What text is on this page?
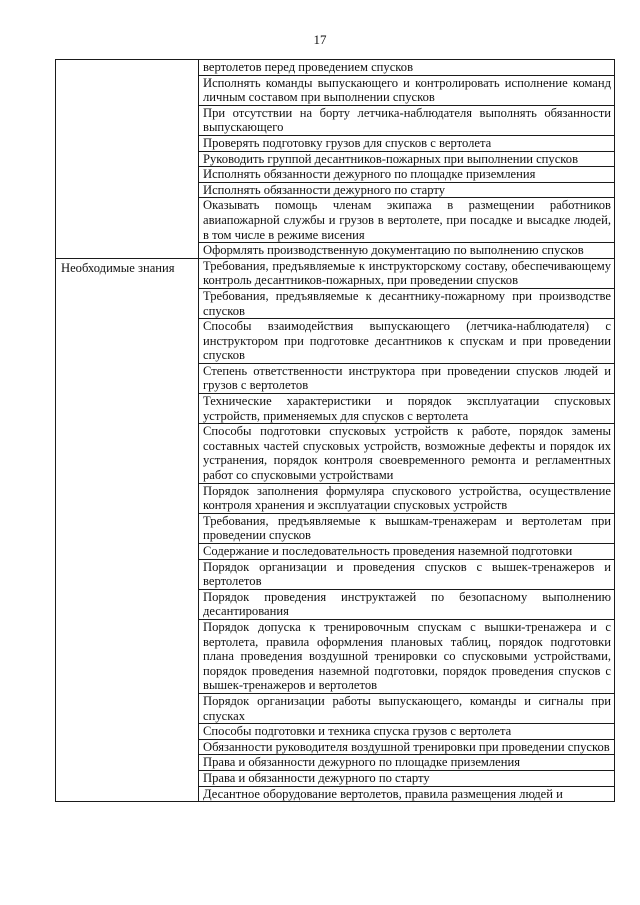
17
	вертолетов перед проведением спусков
	Исполнять команды выпускающего и контролировать исполнение команд личным составом при выполнении спусков
	При отсутствии на борту летчика-наблюдателя выполнять обязанности выпускающего
	Проверять подготовку грузов для спусков с вертолета
	Руководить группой десантников-пожарных при выполнении спусков
	Исполнять обязанности дежурного по площадке приземления
	Исполнять обязанности дежурного по старту
	Оказывать помощь членам экипажа в размещении работников авиапожарной службы и грузов в вертолете, при посадке и высадке людей, в том числе в режиме висения
	Оформлять производственную документацию по выполнению спусков
Необходимые знания	Требования, предъявляемые к инструкторскому составу, обеспечивающему контроль десантников-пожарных, при проведении спусков
	Требования, предъявляемые к десантнику-пожарному при производстве спусков
	Способы взаимодействия выпускающего (летчика-наблюдателя) с инструктором при подготовке десантников к спускам и при проведении спусков
	Степень ответственности инструктора при проведении спусков людей и грузов с вертолетов
	Технические характеристики и порядок эксплуатации спусковых устройств, применяемых для спусков с вертолета
	Способы подготовки спусковых устройств к работе, порядок замены составных частей спусковых устройств, возможные дефекты и порядок их устранения, порядок контроля своевременного ремонта и регламентных работ со спусковыми устройствами
	Порядок заполнения формуляра спускового устройства, осуществление контроля хранения и эксплуатации спусковых устройств
	Требования, предъявляемые к вышкам-тренажерам и вертолетам при проведении спусков
	Содержание и последовательность проведения наземной подготовки
	Порядок организации и проведения спусков с вышек-тренажеров и вертолетов
	Порядок проведения инструктажей по безопасному выполнению десантирования
	Порядок допуска к тренировочным спускам с вышки-тренажера и с вертолета, правила оформления плановых таблиц, порядок подготовки плана проведения воздушной тренировки со спусковыми устройствами, порядок проведения наземной подготовки, порядок проведения спусков с вышек-тренажеров и вертолетов
	Порядок организации работы выпускающего, команды и сигналы при спусках
	Способы подготовки и техника спуска грузов с вертолета
	Обязанности руководителя воздушной тренировки при проведении спусков
	Права и обязанности дежурного по площадке приземления
	Права и обязанности дежурного по старту
	Десантное оборудование вертолетов, правила размещения людей и
